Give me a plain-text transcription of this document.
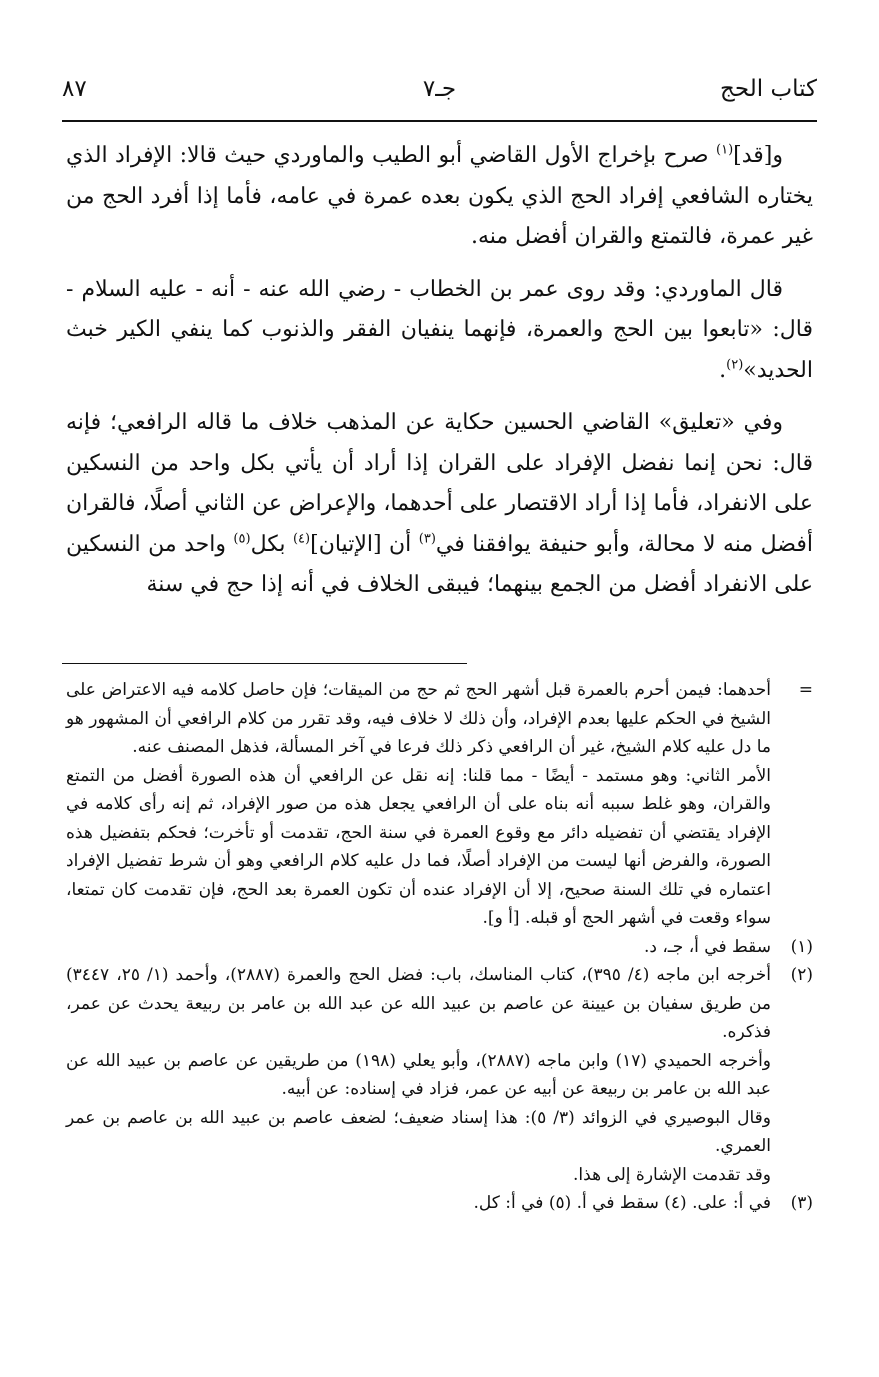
كتاب الحج
جـ٧
٨٧

و[قد]$^{(١)}$ صرح بإخراج الأول القاضي أبو الطيب والماوردي حيث قالا: الإفراد الذي يختاره الشافعي إفراد الحج الذي يكون بعده عمرة في عامه، فأما إذا أفرد الحج من غير عمرة، فالتمتع والقران أفضل منه.

قال الماوردي: وقد روى عمر بن الخطاب - رضي الله عنه - أنه - عليه السلام - قال: «تابعوا بين الحج والعمرة، فإنهما ينفيان الفقر والذنوب كما ينفي الكير خبث الحديد»$^{(٢)}$.

وفي «تعليق» القاضي الحسين حكاية عن المذهب خلاف ما قاله الرافعي؛ فإنه قال: نحن إنما نفضل الإفراد على القران إذا أراد أن يأتي بكل واحد من النسكين على الانفراد، فأما إذا أراد الاقتصار على أحدهما، والإعراض عن الثاني أصلًا، فالقران أفضل منه لا محالة، وأبو حنيفة يوافقنا في$^{(٣)}$ أن [الإتيان]$^{(٤)}$ بكل$^{(٥)}$ واحد من النسكين على الانفراد أفضل من الجمع بينهما؛ فيبقى الخلاف في أنه إذا حج في سنة

=

أحدهما: فيمن أحرم بالعمرة قبل أشهر الحج ثم حج من الميقات؛ فإن حاصل كلامه فيه الاعتراض على الشيخ في الحكم عليها بعدم الإفراد، وأن ذلك لا خلاف فيه، وقد تقرر من كلام الرافعي أن المشهور هو ما دل عليه كلام الشيخ، غير أن الرافعي ذكر ذلك فرعا في آخر المسألة، فذهل المصنف عنه.

الأمر الثاني: وهو مستمد - أيضًا - مما قلنا: إنه نقل عن الرافعي أن هذه الصورة أفضل من التمتع والقران، وهو غلط سببه أنه بناه على أن الرافعي يجعل هذه من صور الإفراد، ثم إنه رأى كلامه في الإفراد يقتضي أن تفضيله دائر مع وقوع العمرة في سنة الحج، تقدمت أو تأخرت؛ فحكم بتفضيل هذه الصورة، والفرض أنها ليست من الإفراد أصلًا، فما دل عليه كلام الرافعي وهو أن شرط تفضيل الإفراد اعتماره في تلك السنة صحيح، إلا أن الإفراد عنده أن تكون العمرة بعد الحج، فإن تقدمت كان تمتعا، سواء وقعت في أشهر الحج أو قبله. [أ و].

(١)

سقط في أ، جـ، د.

(٢)

أخرجه ابن ماجه (٤/ ٣٩٥)، كتاب المناسك، باب: فضل الحج والعمرة (٢٨٨٧)، وأحمد (١/ ٢٥، ٣٤٤٧) من طريق سفيان بن عيينة عن عاصم بن عبيد الله عن عبد الله بن عامر بن ربيعة يحدث عن عمر، فذكره.

وأخرجه الحميدي (١٧) وابن ماجه (٢٨٨٧)، وأبو يعلي (١٩٨) من طريقين عن عاصم بن عبيد الله عن عبد الله بن عامر بن ربيعة عن أبيه عن عمر، فزاد في إسناده: عن أبيه.

وقال البوصيري في الزوائد (٣/ ٥): هذا إسناد ضعيف؛ لضعف عاصم بن عبيد الله بن عاصم بن عمر العمري.

وقد تقدمت الإشارة إلى هذا.

(٣)
في أ: على. (٤) سقط في أ. (٥) في أ: كل.
